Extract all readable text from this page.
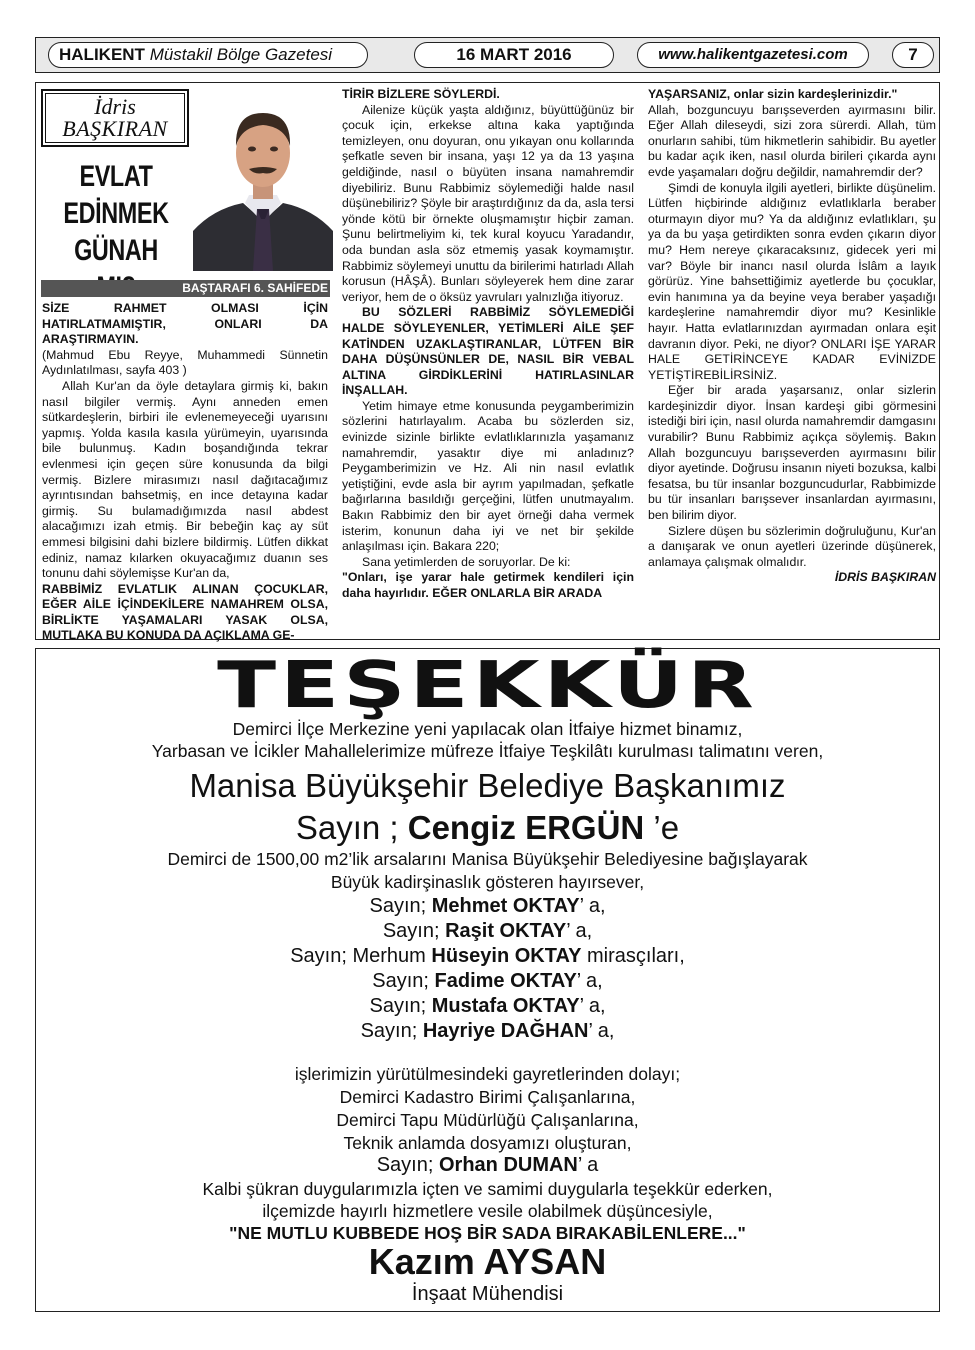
HALIKENT Müstakil Bölge Gazetesi	16 MART 2016	www.halikentgazetesi.com	7
İdris
BAŞKIRAN
EVLAT
EDİNMEK
GÜNAH
BAŞTARAFI 6. SAHİFEDE

SİZE RAHMET OLMASI İÇİN HATIRLATMAMIŞTIR, ONLARI DA ARAŞTIRMAYIN.

(Mahmud Ebu Reyye, Muhammedi Sünnetin Aydınlatılması, sayfa 403 )

Allah Kur'an da öyle detaylara girmiş ki, bakın nasıl bilgiler vermiş. Aynı anneden emen sütkardeşlerin, birbiri ile evlenemeyeceği uyarısını yapmış. Yolda kasıla kasıla yürümeyin, uyarısında bile bulunmuş. Kadın boşandığında tekrar evlenmesi için geçen süre konusunda da bilgi vermiş. Bizlere mirasımızı nasıl dağıtacağımız ayrıntısından bahsetmiş, en ince detayına kadar girmiş. Su bulamadığımızda nasıl abdest alacağımızı izah etmiş. Bir bebeğin kaç ay süt emmesi bilgisini dahi bizlere bildirmiş. Lütfen dikkat ediniz, namaz kılarken okuyacağımız duanın ses tonunu dahi söylemişse Kur'an da,

RABBİMİZ EVLATLIK ALINAN ÇOCUKLAR, EĞER AİLE İÇİNDEKİLERE NAMAHREM OLSA, BİRLİKTE YAŞAMALARI YASAK OLSA, MUTLAKA BU KONUDA DA AÇIKLAMA GE-

TİRİR BİZLERE SÖYLERDİ.

Ailenize küçük yaşta aldığınız, büyüttüğünüz bir çocuk için, erkekse altına kaka yaptığında temizleyen, onu doyuran, onu yıkayan onu kollarında şefkatle seven bir insana, yaşı 12 ya da 13 yaşına geldiğinde, nasıl o büyüten insana namahremdir diyebiliriz. Bunu Rabbimiz söylemediği halde nasıl düşünebiliriz? Şöyle bir araştırdığınız da da, asla tersi yönde kötü bir örnekte oluşmamıştır hiçbir zaman. Şunu belirtmeliyim ki, tek kural koyucu Yaradandır, oda bundan asla söz etmemiş yasak koymamıştır. Rabbimiz söylemeyi unuttu da birilerimi hatırladı Allah korusun (HÂŞÂ). Bunları söyleyerek hem dine zarar veriyor, hem de o öksüz yavruları yalnızlığa itiyoruz.

BU SÖZLERİ RABBİMİZ SÖYLEMEDİĞİ HALDE SÖYLEYENLER, YETİMLERİ AİLE ŞEF KATİNDEN UZAKLAŞTIRANLAR, LÜTFEN BİR DAHA DÜŞÜNSÜNLER DE, NASIL BİR VEBAL ALTINA GİRDİKLERİNİ HATIRLASINLAR İNŞALLAH.

Yetim himaye etme konusunda peygamberimizin sözlerini hatırlayalım. Acaba bu sözlerden siz, evinizde sizinle birlikte evlatlıklarınızla yaşamanız namahremdir, yasaktır diye mi anladınız? Peygamberimizin ve Hz. Ali nin nasıl evlatlık yetiştiğini, evde asla bir ayrım yapılmadan, şefkatle bağırlarına basıldığı gerçeğini, lütfen unutmayalım. Bakın Rabbimiz den bir ayet örneği daha vermek isterim, konunun daha iyi ve net bir şekilde anlaşılması için. Bakara 220;

Sana yetimlerden de soruyorlar. De ki:

"Onları, işe yarar hale getirmek kendileri için daha hayırlıdır. EĞER ONLARLA BİR ARADA

YAŞARSANIZ, onlar sizin kardeşlerinizdir."

Allah, bozguncuyu barışseverden ayırmasını bilir. Eğer Allah dileseydi, sizi zora sürerdi. Allah, tüm onurların sahibi, tüm hikmetlerin sahibidir. Bu ayetler bu kadar açık iken, nasıl olurda birileri çıkarda aynı evde yaşamaları doğru değildir, namahremdir der?

Şimdi de konuyla ilgili ayetleri, birlikte düşünelim. Lütfen hiçbirinde aldığınız evlatlıklarla beraber oturmayın diyor mu? Ya da aldığınız evlatlıkları, şu ya da bu yaşa getirdikten sonra evden çıkarın diyor mu? Hem nereye çıkaracaksınız, gidecek yeri mi var? Böyle bir inancı nasıl olurda İslâm a layık görürüz. Yine bahsettiğimiz ayetlerde bu çocuklar, evin hanımına ya da beyine veya beraber yaşadığı kardeşlerine namahremdir diyor mu? Kesinlikle hayır. Hatta evlatlarınızdan ayırmadan onlara eşit davranın diyor. Peki, ne diyor? ONLARI İŞE YARAR HALE GETİRİNCEYE KADAR EVİNİZDE YETİŞTİREBİLİRSİNİZ.

Eğer bir arada yaşarsanız, onlar sizlerin kardeşinizdir diyor. İnsan kardeşi gibi görmesini istediği biri için, nasıl olurda namahremdir damgasını vurabilir? Bunu Rabbimiz açıkça söylemiş. Bakın Allah bozguncuyu barışseverden ayırmasını bilir diyor ayetinde. Doğrusu insanın niyeti bozuksa, kalbi fesatsa, bu tür insanlar bozguncudurlar, Rabbimizde bu tür insanları barışsever insanlardan ayırmasını, ben bilirim diyor.

Sizlere düşen bu sözlerimin doğruluğunu, Kur'an a danışarak ve onun ayetleri üzerinde düşünerek, anlamaya çalışmak olmalıdır.

İDRİS BAŞKIRAN

TEŞEKKÜR
Demirci İlçe Merkezine yeni yapılacak olan İtfaiye hizmet binamız,
Yarbasan ve İcikler Mahallelerimize müfreze İtfaiye Teşkilâtı kurulması talimatını veren,
Manisa Büyükşehir Belediye Başkanımız
Sayın ; Cengiz ERGÜN ’e
Demirci de 1500,00 m2’lik arsalarını Manisa Büyükşehir Belediyesine bağışlayarak
Büyük kadirşinaslık gösteren hayırsever,
Sayın; Mehmet OKTAY’ a,
Sayın; Raşit OKTAY’ a,
Sayın; Merhum Hüseyin OKTAY mirasçıları,
Sayın; Fadime OKTAY’ a,
Sayın; Mustafa OKTAY’ a,
Sayın; Hayriye DAĞHAN’ a,
işlerimizin yürütülmesindeki gayretlerinden dolayı;
Demirci Kadastro Birimi Çalışanlarına,
Demirci Tapu Müdürlüğü Çalışanlarına,
Teknik anlamda dosyamızı oluşturan,
Sayın; Orhan DUMAN’ a
Kalbi şükran duygularımızla içten ve samimi duygularla teşekkür ederken,
ilçemizde hayırlı hizmetlere vesile olabilmek düşüncesiyle,
"NE MUTLU KUBBEDE HOŞ BİR SADA BIRAKABİLENLERE..."
Kazım AYSAN
İnşaat Mühendisi
